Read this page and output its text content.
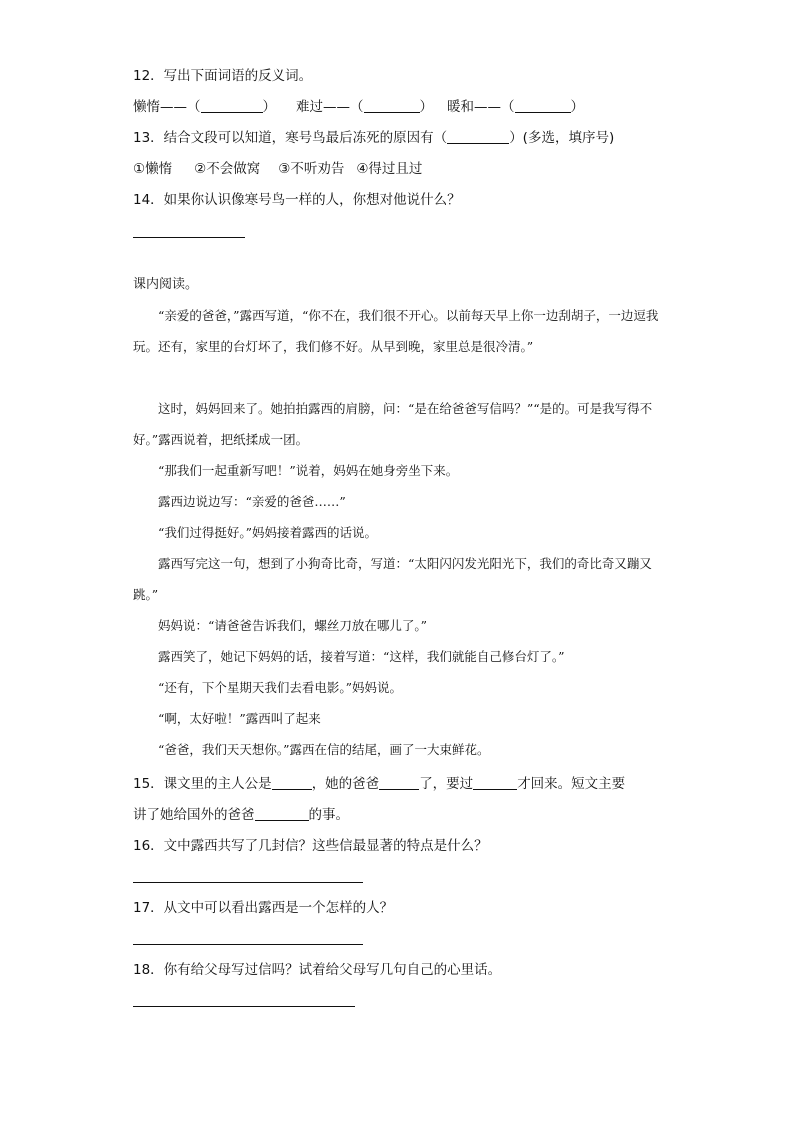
12．写出下面词语的反义词。
懒惰——（	） 难过——（	） 暖和——（	）
13．结合文段可以知道，寒号鸟最后冻死的原因有（	）(多选，填序号)
①懒惰 ②不会做窝 ③不听劝告 ④得过且过
14．如果你认识像寒号鸟一样的人，你想对他说什么？
课内阅读。
“亲爱的爸爸，”露西写道，“你不在，我们很不开心。以前每天早上你一边刮胡子，一边逗我玩。还有，家里的台灯坏了，我们修不好。从早到晚，家里总是很冷清。”
这时，妈妈回来了。她拍拍露西的肩膀，问：“是在给爸爸写信吗？”“是的。可是我写得不好。”露西说着，把纸揉成一团。
“那我们一起重新写吧！”说着，妈妈在她身旁坐下来。
露西边说边写：“亲爱的爸爸……”
“我们过得挺好。”妈妈接着露西的话说。
露西写完这一句，想到了小狗奇比奇，写道：“太阳闪闪发光阳光下，我们的奇比奇又蹦又跳。”
妈妈说：“请爸爸告诉我们，螺丝刀放在哪儿了。”
露西笑了，她记下妈妈的话，接着写道：“这样，我们就能自己修台灯了。”
“还有，下个星期天我们去看电影。”妈妈说。
“啊，太好啦！”露西叫了起来
“爸爸，我们天天想你。”露西在信的结尾，画了一大束鲜花。
15．课文里的主人公是	，她的爸爸	了，要过	才回来。短文主要
讲了她给国外的爸爸	的事。
16．文中露西共写了几封信？这些信最显著的特点是什么？
17．从文中可以看出露西是一个怎样的人？
18．你有给父母写过信吗？试着给父母写几句自己的心里话。
